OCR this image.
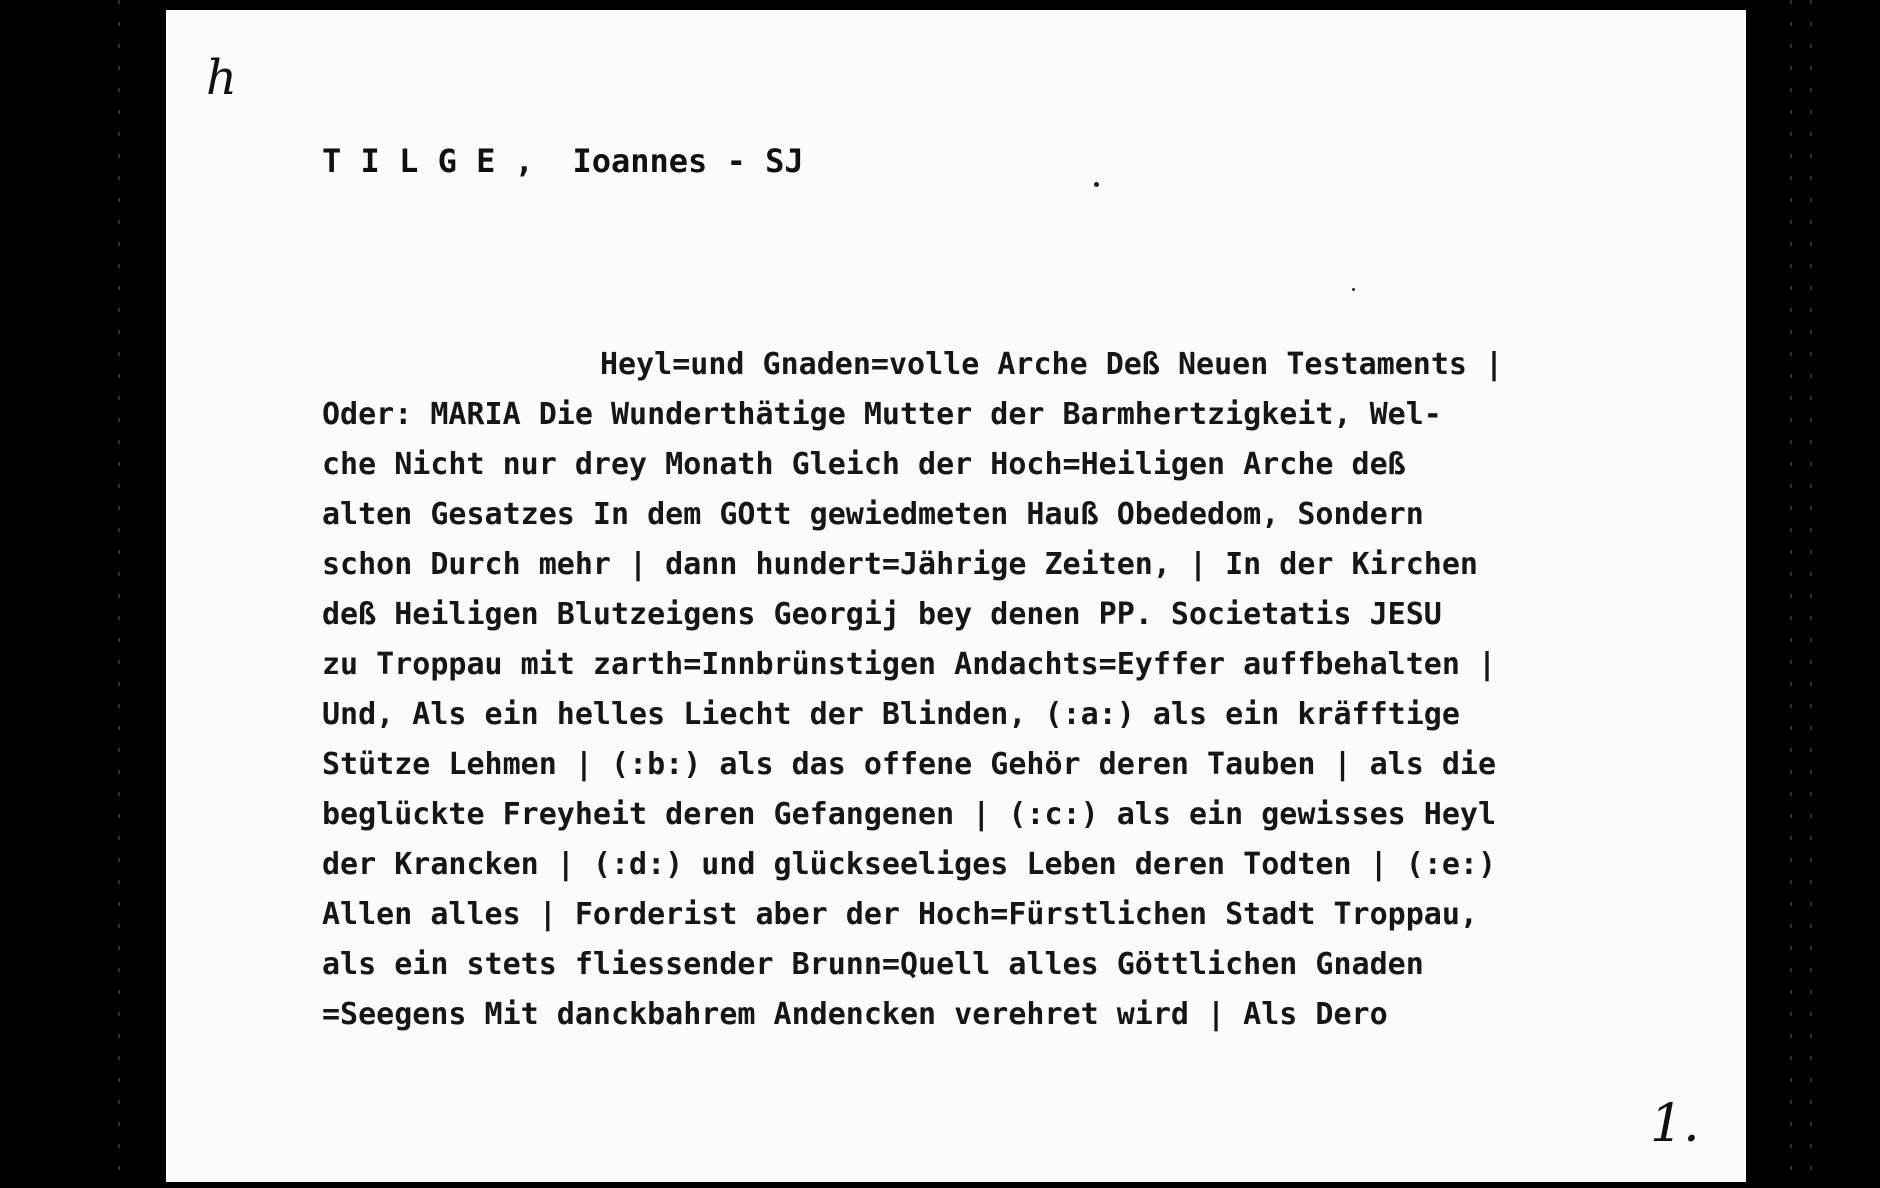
h
T I L G E ,  Ioannes - SJ
Heyl=und Gnaden=volle Arche Deß Neuen Testaments |
Oder: MARIA Die Wunderthätige Mutter der Barmhertzigkeit, Wel-
che Nicht nur drey Monath Gleich der Hoch=Heiligen Arche deß
alten Gesatzes In dem GOtt gewiedmeten Hauß Obededom, Sondern
schon Durch mehr | dann hundert=Jährige Zeiten, | In der Kirchen
deß Heiligen Blutzeigens Georgij bey denen PP. Societatis JESU
zu Troppau mit zarth=Innbrünstigen Andachts=Eyffer auffbehalten |
Und, Als ein helles Liecht der Blinden, (:a:) als ein kräfftige
Stütze Lehmen | (:b:) als das offene Gehör deren Tauben | als die
beglückte Freyheit deren Gefangenen | (:c:) als ein gewisses Heyl
der Krancken | (:d:) und glückseeliges Leben deren Todten | (:e:)
Allen alles | Forderist aber der Hoch=Fürstlichen Stadt Troppau,
als ein stets fliessender Brunn=Quell alles Göttlichen Gnaden
=Seegens Mit danckbahrem Andencken verehret wird | Als Dero
1.
